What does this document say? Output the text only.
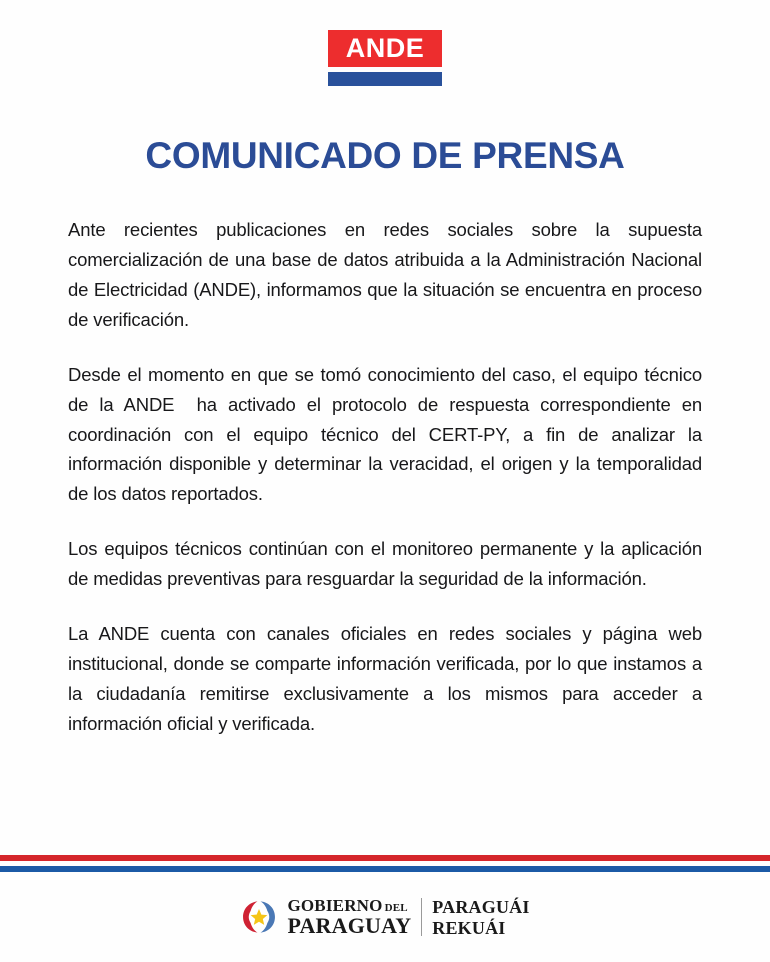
ANDE
COMUNICADO DE PRENSA

Ante recientes publicaciones en redes sociales sobre la supuesta comercialización de una base de datos atribuida a la Administración Nacional de Electricidad (ANDE), informamos que la situación se encuentra en proceso de verificación.

Desde el momento en que se tomó conocimiento del caso, el equipo técnico de la ANDE  ha activado el protocolo de respuesta correspondiente en coordinación con el equipo técnico del CERT-PY, a fin de analizar la información disponible y determinar la veracidad, el origen y la temporalidad de los datos reportados.

Los equipos técnicos continúan con el monitoreo permanente y la aplicación de medidas preventivas para resguardar la seguridad de la información.

La ANDE cuenta con canales oficiales en redes sociales y página web institucional, donde se comparte información verificada, por lo que instamos a la ciudadanía remitirse exclusivamente a los mismos para acceder a información oficial y verificada.

GOBIERNO DEL
PARAGUAY
PARAGUÁI
REKUÁI
